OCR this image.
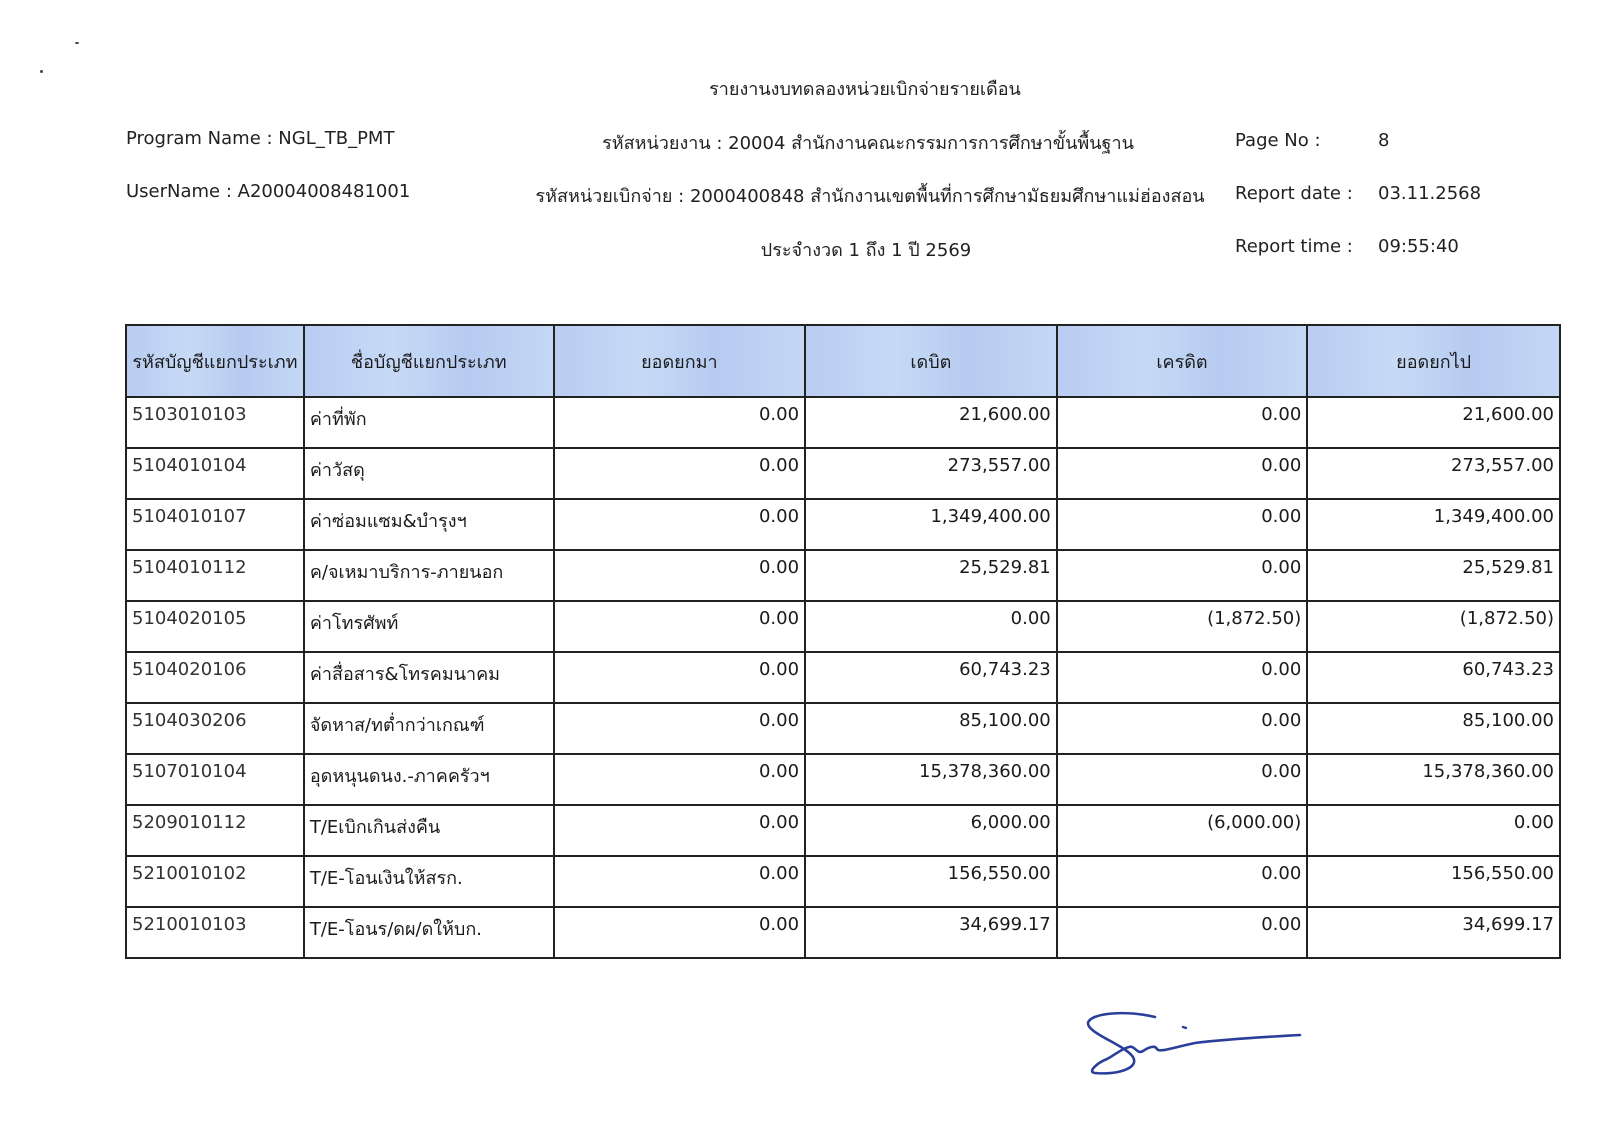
รายงานงบทดลองหน่วยเบิกจ่ายรายเดือน
Program Name : NGL_TB_PMT	รหัสหน่วยงาน : 20004 สำนักงานคณะกรรมการการศึกษาขั้นพื้นฐาน	Page No :	8
UserName : A20004008481001	รหัสหน่วยเบิกจ่าย : 2000400848 สำนักงานเขตพื้นที่การศึกษามัธยมศึกษาแม่ฮ่องสอน Report date : 03.11.2568
ประจำงวด 1 ถึง 1 ปี 2569	Report time : 09:55:40
รหัสบัญชีแยกประเภท	ชื่อบัญชีแยกประเภท	ยอดยกมา	เดบิต	เครดิต	ยอดยกไป
5103010103	ค่าที่พัก	0.00	21,600.00	0.00	21,600.00
5104010104	ค่าวัสดุ	0.00	273,557.00	0.00	273,557.00
5104010107	ค่าซ่อมแซม&บำรุงฯ	0.00	1,349,400.00	0.00	1,349,400.00
5104010112	ค/จเหมาบริการ-ภายนอก	0.00	25,529.81	0.00	25,529.81
5104020105	ค่าโทรศัพท์	0.00	0.00	(1,872.50)	(1,872.50)
5104020106	ค่าสื่อสาร&โทรคมนาคม	0.00	60,743.23	0.00	60,743.23
5104030206	จัดหาส/ทต่ำกว่าเกณฑ์	0.00	85,100.00	0.00	85,100.00
5107010104	อุดหนุนดนง.-ภาคครัวฯ	0.00	15,378,360.00	0.00	15,378,360.00
5209010112	T/Eเบิกเกินส่งคืน	0.00	6,000.00	(6,000.00)	0.00
5210010102	T/E-โอนเงินให้สรก.	0.00	156,550.00	0.00	156,550.00
5210010103	T/E-โอนร/ดผ/ดให้บก.	0.00	34,699.17	0.00	34,699.17
